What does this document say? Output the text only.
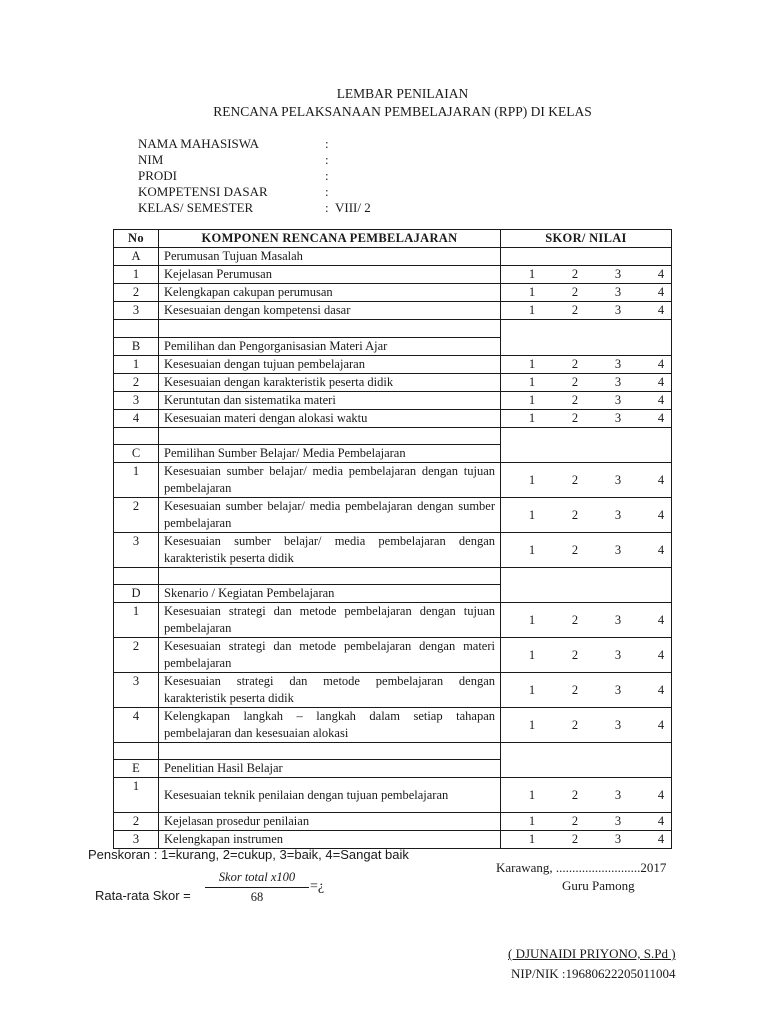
LEMBAR PENILAIAN
RENCANA PELAKSANAAN PEMBELAJARAN (RPP) DI KELAS
NAMA MAHASISWA	:
NIM	:
PRODI	:
KOMPETENSI DASAR	:
KELAS/ SEMESTER	: VIII/ 2
No	KOMPONEN RENCANA PEMBELAJARAN	SKOR/ NILAI
A	Perumusan Tujuan Masalah	
1	Kejelasan Perumusan	1 2 3 4

2	Kelengkapan cakupan perumusan	1 2 3 4

3	Kesesuaian dengan kompetensi dasar	1 2 3 4

B	Pemilihan dan Pengorganisasian Materi Ajar	
1	Kesesuaian dengan tujuan pembelajaran	1 2 3 4

2	Kesesuaian dengan karakteristik peserta didik	1 2 3 4

3	Keruntutan dan sistematika materi	1 2 3 4

4	Kesesuaian materi dengan alokasi waktu	1 2 3 4

C	Pemilihan Sumber Belajar/ Media Pembelajaran	
1	Kesesuaian sumber belajar/ media pembelajaran dengan tujuan pembelajaran	1 2 3 4

2	Kesesuaian sumber belajar/ media pembelajaran dengan sumber pembelajaran	1 2 3 4

3	Kesesuaian sumber belajar/ media pembelajaran dengan karakteristik peserta didik	1 2 3 4

D	Skenario / Kegiatan Pembelajaran	
1	Kesesuaian strategi dan metode pembelajaran dengan tujuan pembelajaran	1 2 3 4

2	Kesesuaian strategi dan metode pembelajaran dengan materi pembelajaran	1 2 3 4

3	Kesesuaian strategi dan metode pembelajaran dengan karakteristik peserta didik	1 2 3 4

4	Kelengkapan langkah – langkah dalam setiap tahapan pembelajaran dan kesesuaian alokasi	1 2 3 4

E	Penelitian Hasil Belajar	
1	Kesesuaian teknik penilaian dengan tujuan pembelajaran	1 2 3 4

2	Kejelasan prosedur penilaian	1 2 3 4

3	Kelengkapan instrumen	1 2 3 4
Penskoran : 1=kurang, 2=cukup, 3=baik, 4=Sangat baik
Rata-rata Skor =
Skor total x100
68
=¿
Karawang, ..........................2017
Guru Pamong
( DJUNAIDI PRIYONO, S.Pd )
NIP/NIK :19680622205011004
